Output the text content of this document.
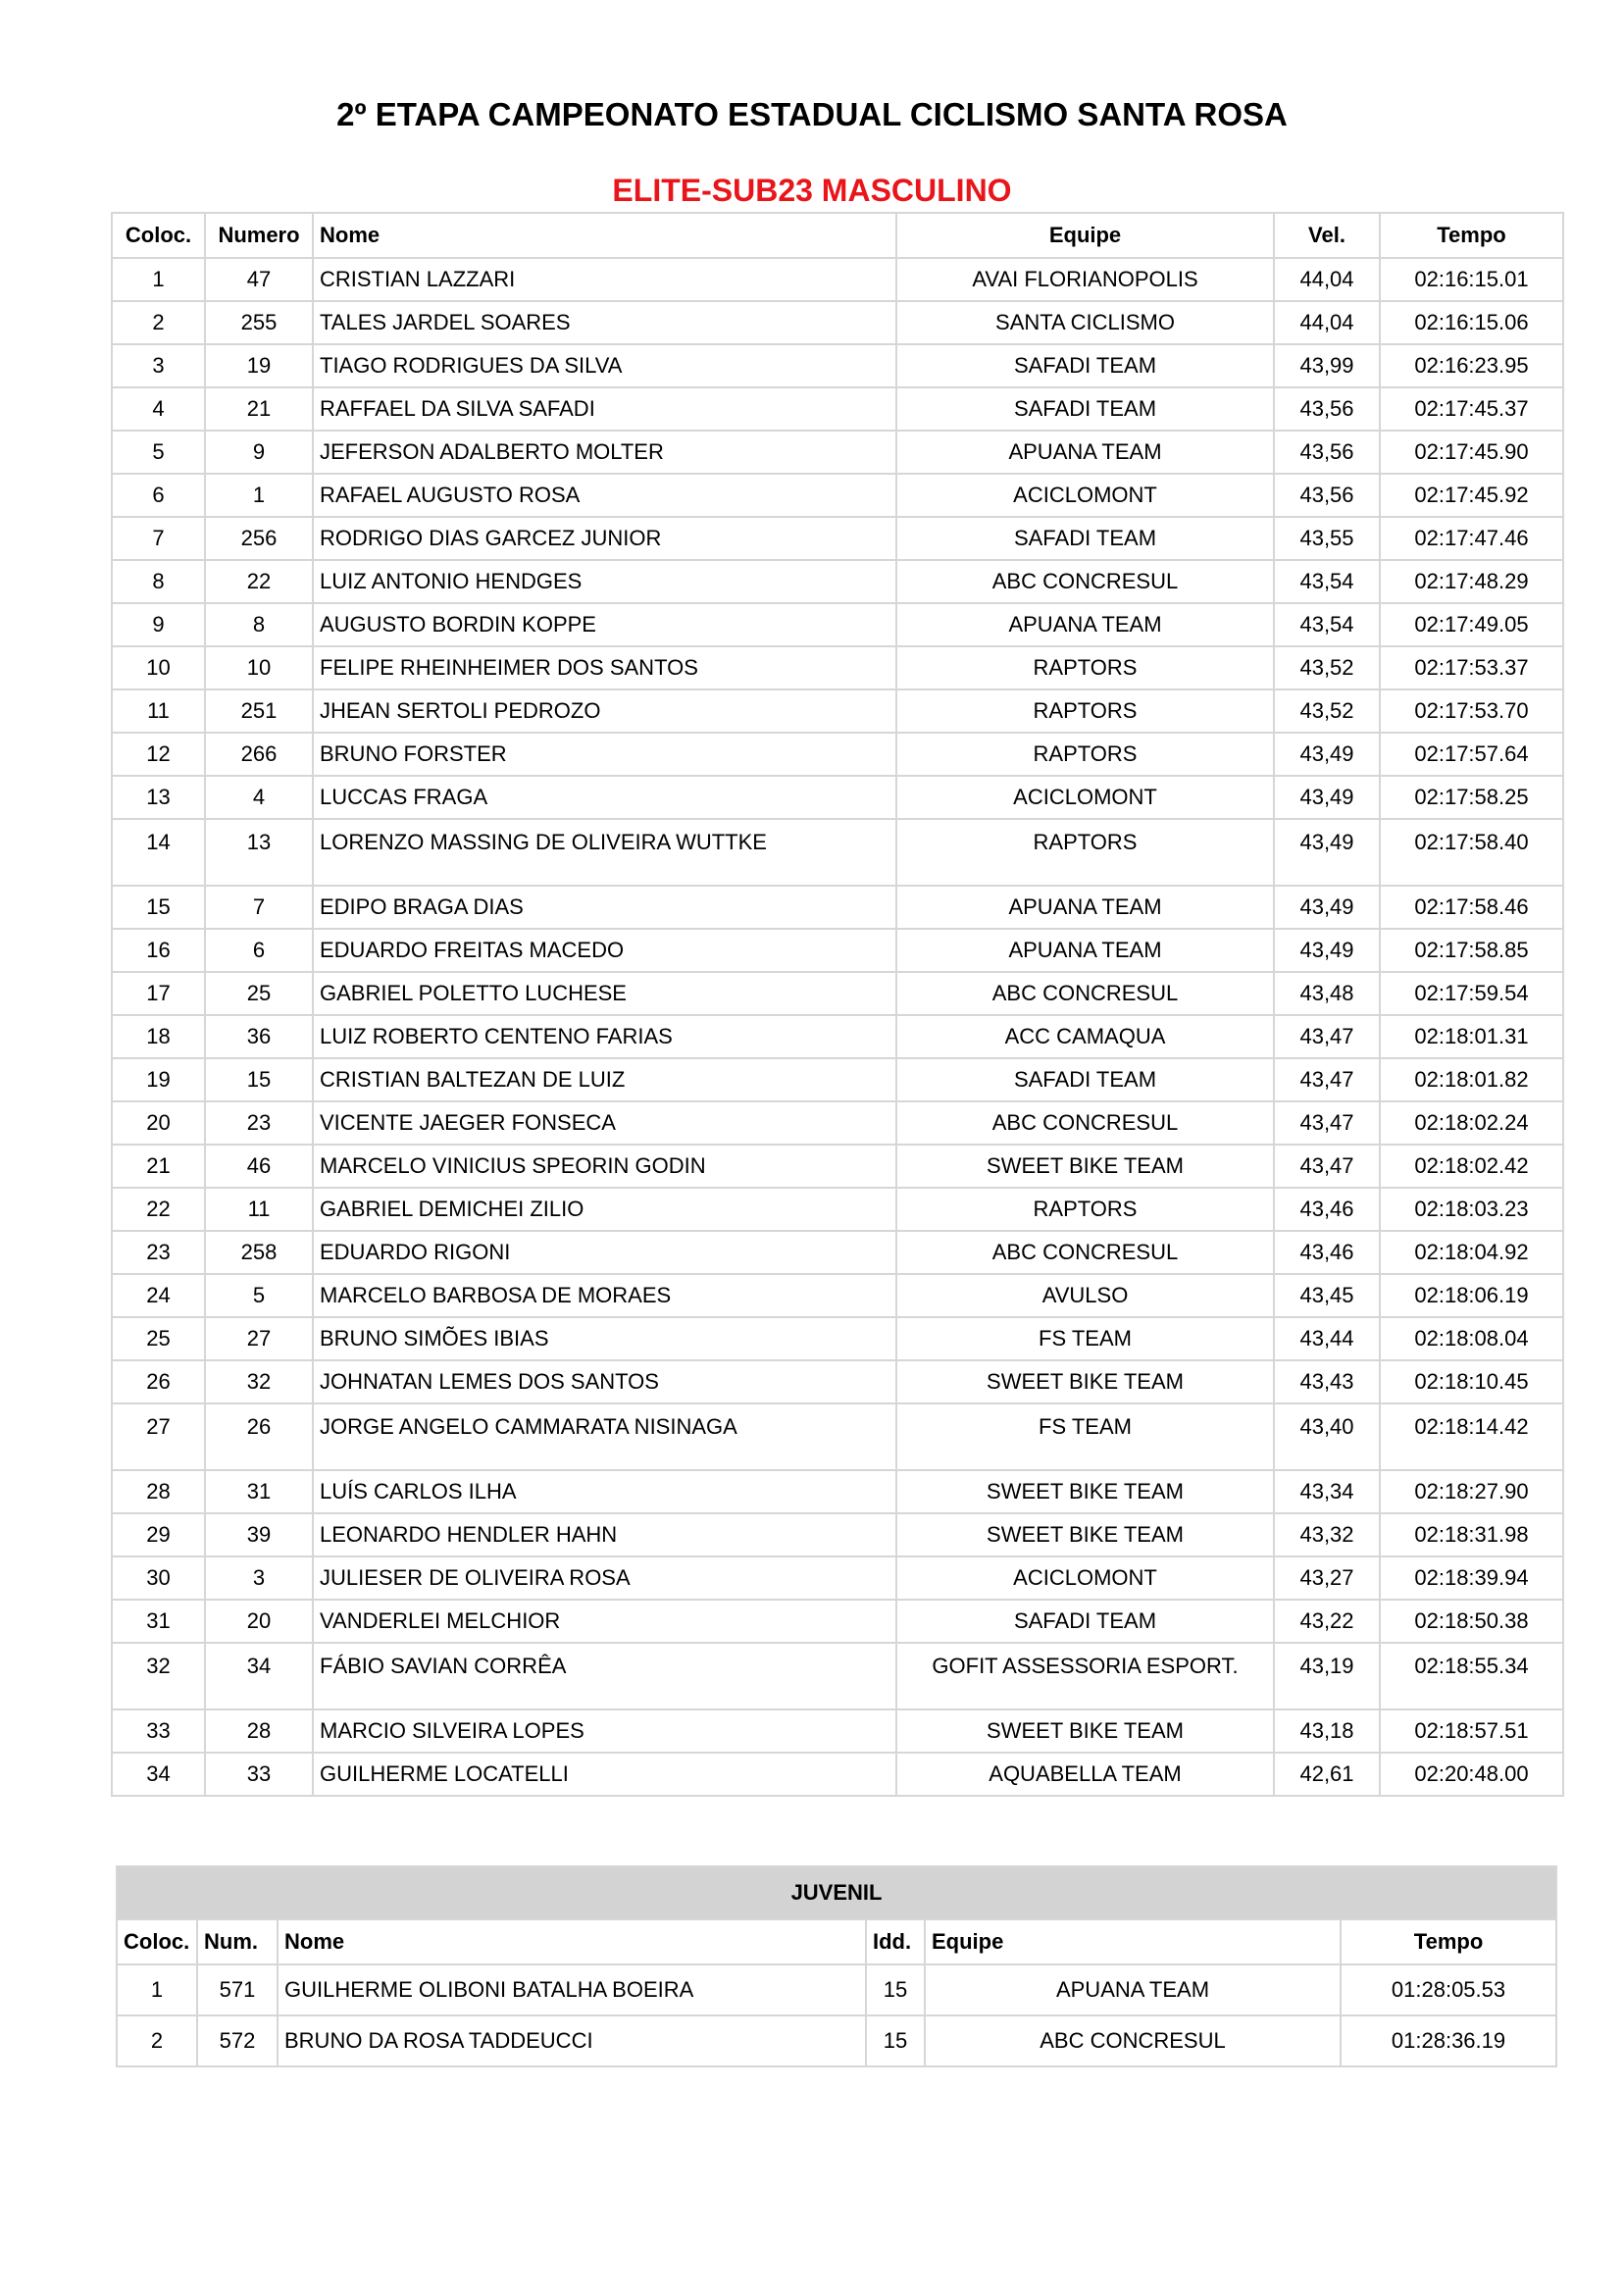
2º ETAPA CAMPEONATO ESTADUAL CICLISMO SANTA ROSA
ELITE-SUB23 MASCULINO
Coloc.	Numero	Nome	Equipe	Vel.	Tempo
1	47	CRISTIAN LAZZARI	AVAI FLORIANOPOLIS	44,04	02:16:15.01
2	255	TALES JARDEL SOARES	SANTA CICLISMO	44,04	02:16:15.06
3	19	TIAGO RODRIGUES DA SILVA	SAFADI TEAM	43,99	02:16:23.95
4	21	RAFFAEL DA SILVA SAFADI	SAFADI TEAM	43,56	02:17:45.37
5	9	JEFERSON ADALBERTO MOLTER	APUANA TEAM	43,56	02:17:45.90
6	1	RAFAEL AUGUSTO ROSA	ACICLOMONT	43,56	02:17:45.92
7	256	RODRIGO DIAS GARCEZ JUNIOR	SAFADI TEAM	43,55	02:17:47.46
8	22	LUIZ ANTONIO HENDGES	ABC CONCRESUL	43,54	02:17:48.29
9	8	AUGUSTO BORDIN KOPPE	APUANA TEAM	43,54	02:17:49.05
10	10	FELIPE RHEINHEIMER DOS SANTOS	RAPTORS	43,52	02:17:53.37
11	251	JHEAN SERTOLI PEDROZO	RAPTORS	43,52	02:17:53.70
12	266	BRUNO FORSTER	RAPTORS	43,49	02:17:57.64
13	4	LUCCAS FRAGA	ACICLOMONT	43,49	02:17:58.25
14	13	LORENZO MASSING DE OLIVEIRA WUTTKE	RAPTORS	43,49	02:17:58.40
15	7	EDIPO BRAGA DIAS	APUANA TEAM	43,49	02:17:58.46
16	6	EDUARDO FREITAS MACEDO	APUANA TEAM	43,49	02:17:58.85
17	25	GABRIEL POLETTO LUCHESE	ABC CONCRESUL	43,48	02:17:59.54
18	36	LUIZ ROBERTO CENTENO FARIAS	ACC CAMAQUA	43,47	02:18:01.31
19	15	CRISTIAN BALTEZAN DE LUIZ	SAFADI TEAM	43,47	02:18:01.82
20	23	VICENTE JAEGER FONSECA	ABC CONCRESUL	43,47	02:18:02.24
21	46	MARCELO VINICIUS SPEORIN GODIN	SWEET BIKE TEAM	43,47	02:18:02.42
22	11	GABRIEL DEMICHEI ZILIO	RAPTORS	43,46	02:18:03.23
23	258	EDUARDO RIGONI	ABC CONCRESUL	43,46	02:18:04.92
24	5	MARCELO BARBOSA DE MORAES	AVULSO	43,45	02:18:06.19
25	27	BRUNO SIMÕES IBIAS	FS TEAM	43,44	02:18:08.04
26	32	JOHNATAN LEMES DOS SANTOS	SWEET BIKE TEAM	43,43	02:18:10.45
27	26	JORGE ANGELO CAMMARATA NISINAGA	FS TEAM	43,40	02:18:14.42
28	31	LUÍS CARLOS ILHA	SWEET BIKE TEAM	43,34	02:18:27.90
29	39	LEONARDO HENDLER HAHN	SWEET BIKE TEAM	43,32	02:18:31.98
30	3	JULIESER DE OLIVEIRA ROSA	ACICLOMONT	43,27	02:18:39.94
31	20	VANDERLEI MELCHIOR	SAFADI TEAM	43,22	02:18:50.38
32	34	FÁBIO SAVIAN CORRÊA	GOFIT ASSESSORIA ESPORT.	43,19	02:18:55.34
33	28	MARCIO SILVEIRA LOPES	SWEET BIKE TEAM	43,18	02:18:57.51
34	33	GUILHERME LOCATELLI	AQUABELLA TEAM	42,61	02:20:48.00
JUVENIL					
Coloc.	Num.	Nome	Idd.	Equipe	Tempo
1	571	GUILHERME OLIBONI BATALHA BOEIRA	15	APUANA TEAM	01:28:05.53
2	572	BRUNO DA ROSA TADDEUCCI	15	ABC CONCRESUL	01:28:36.19
